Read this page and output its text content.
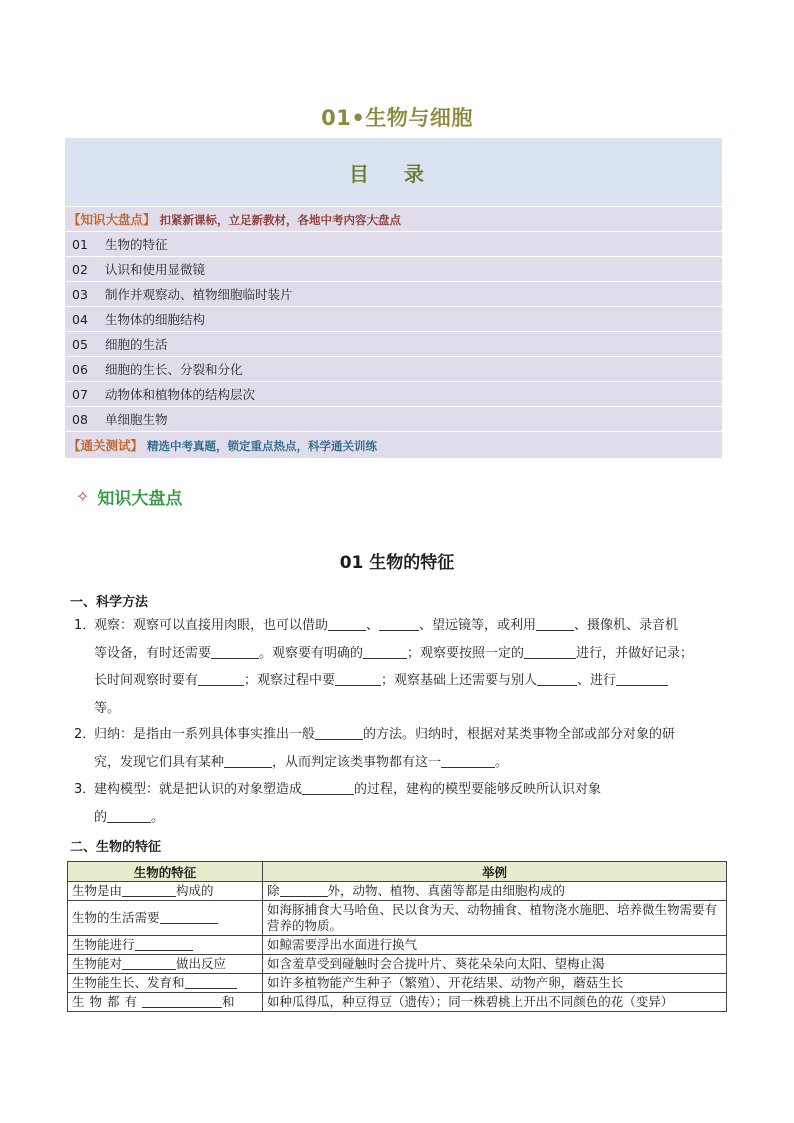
01•生物与细胞
目 录
【知识大盘点】 扣紧新课标，立足新教材，各地中考内容大盘点
01	生物的特征
02	认识和使用显微镜
03	制作并观察动、植物细胞临时装片
04	生物体的细胞结构
05	细胞的生活
06	细胞的生长、分裂和分化
07	动物体和植物体的结构层次
08	单细胞生物
【通关测试】 精选中考真题，锁定重点热点，科学通关训练
✧ 知识大盘点
01 生物的特征
一、科学方法
1．观察：观察可以直接用肉眼，也可以借助	、	、望远镜等，或利用	、摄像机、录音机
等设备，有时还需要	。观察要有明确的	；观察要按照一定的	进行，并做好记录；
长时间观察时要有	；观察过程中要	；观察基础上还需要与别人	、进行
等。
2．归纳：是指由一系列具体事实推出一般	的方法。归纳时，根据对某类事物全部或部分对象的研
究，发现它们具有某种	，从而判定该类事物都有这一	。
3．建构模型：就是把认识的对象塑造成	的过程，建构的模型要能够反映所认识对象
的	。
二、生物的特征
生物的特征	举例
生物是由 构成的	除 外，动物、植物、真菌等都是由细胞构成的
生物的生活需要	如海豚捕食大马哈鱼、民以食为天、动物捕食、植物浇水施肥、培养微生物需要有营养的物质。
生物能进行	如鲸需要浮出水面进行换气
生物能对 做出反应	如含羞草受到碰触时会合拢叶片、葵花朵朵向太阳、望梅止渴
生物能生长、发育和	如许多植物能产生种子（繁殖）、开花结果、动物产卵，蘑菇生长
生物都有 和	如种瓜得瓜，种豆得豆（遗传）；同一株碧桃上开出不同颜色的花（变异）
